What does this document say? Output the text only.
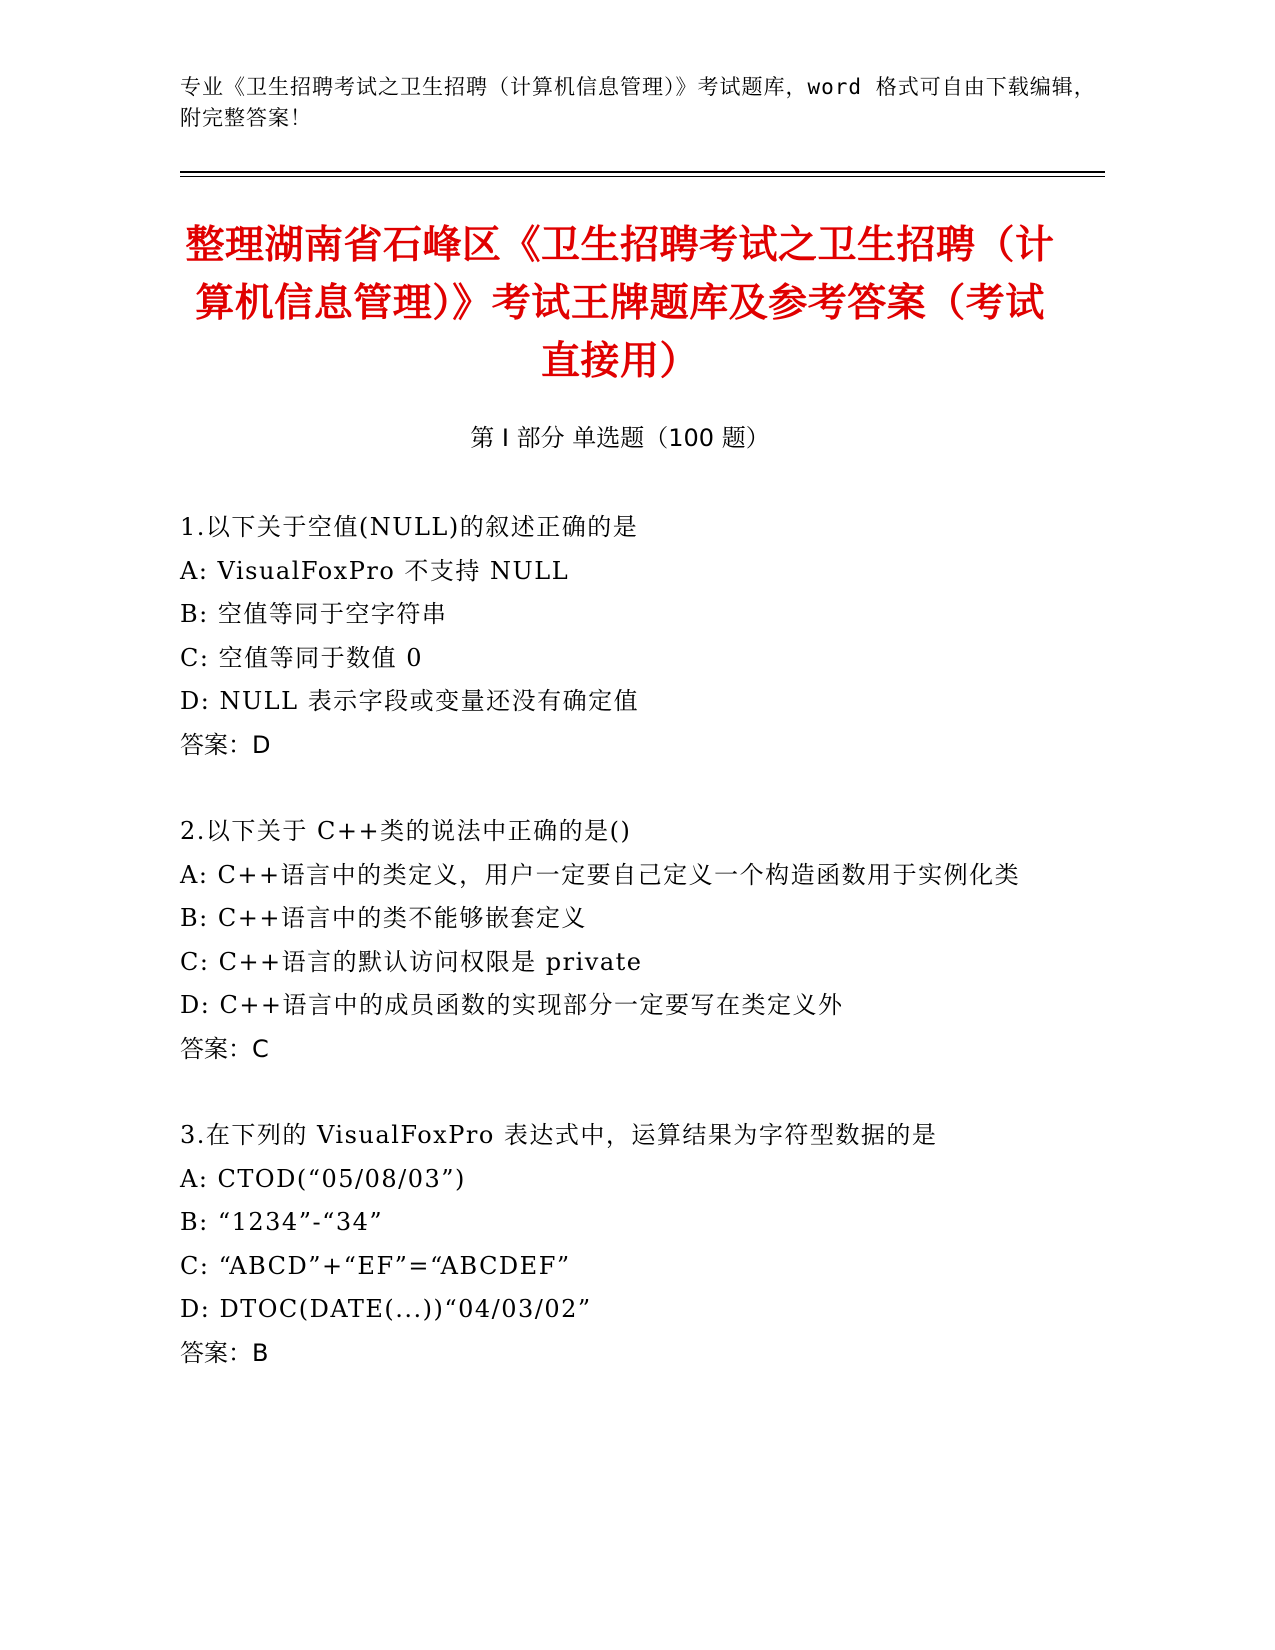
专业《卫生招聘考试之卫生招聘（计算机信息管理）》考试题库，word 格式可自由下载编辑，附完整答案！
整理湖南省石峰区《卫生招聘考试之卫生招聘（计算机信息管理）》考试王牌题库及参考答案（考试直接用）
第 I 部分 单选题（100 题）
1.以下关于空值(NULL)的叙述正确的是
A: VisualFoxPro 不支持 NULL
B: 空值等同于空字符串
C: 空值等同于数值 0
D: NULL 表示字段或变量还没有确定值
答案：D
2.以下关于 C++类的说法中正确的是()
A: C++语言中的类定义，用户一定要自己定义一个构造函数用于实例化类
B: C++语言中的类不能够嵌套定义
C: C++语言的默认访问权限是 private
D: C++语言中的成员函数的实现部分一定要写在类定义外
答案：C
3.在下列的 VisualFoxPro 表达式中，运算结果为字符型数据的是
A: CTOD(“05/08/03”)
B: “1234”-“34”
C: “ABCD”+“EF”=“ABCDEF”
D: DTOC(DATE(...))“04/03/02”
答案：B
